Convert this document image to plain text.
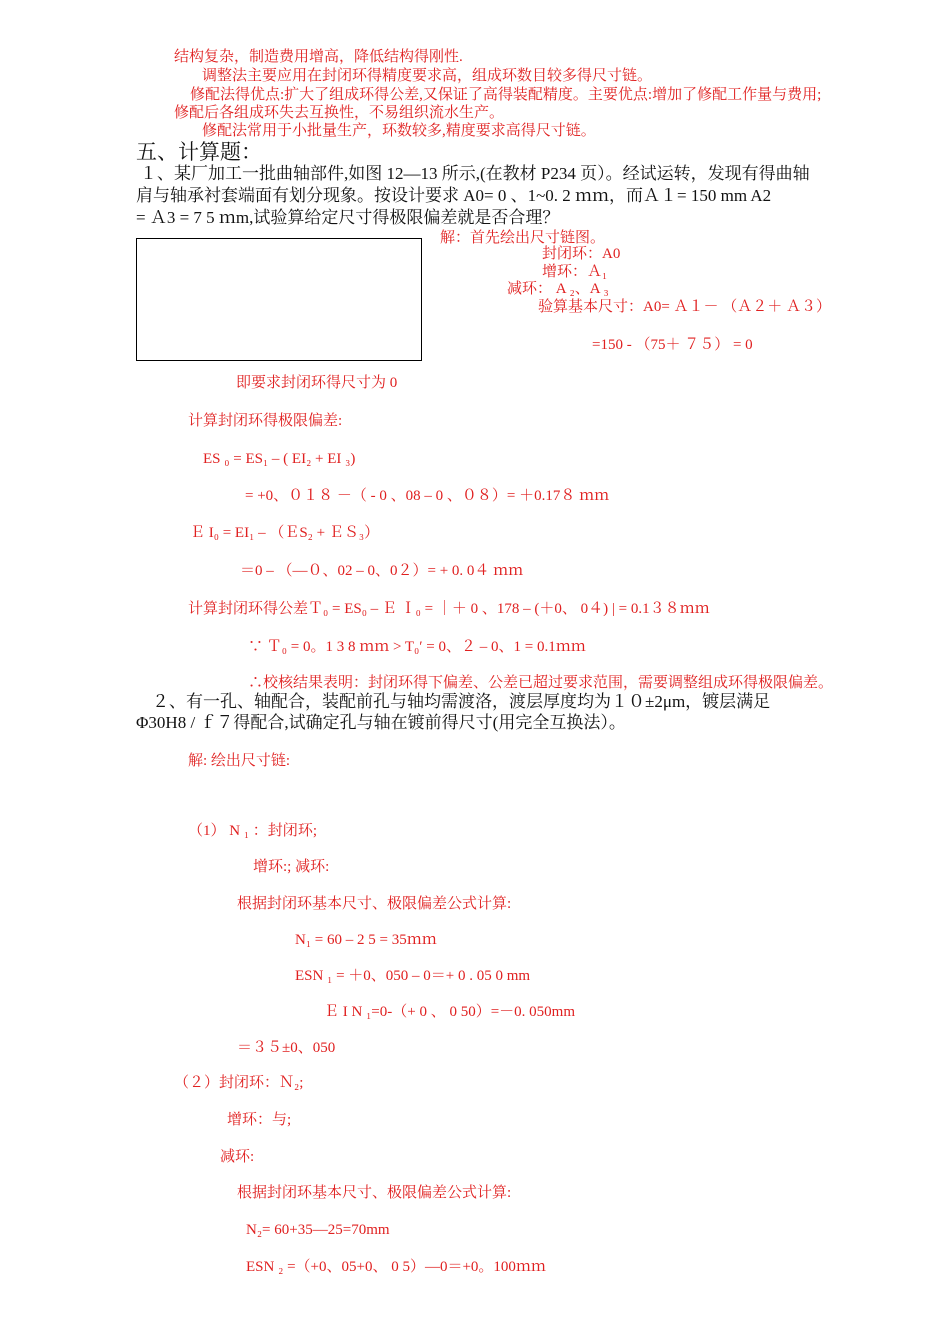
结构复杂，制造费用增高，降低结构得刚性.
调整法主要应用在封闭环得精度要求高，组成环数目较多得尺寸链。
修配法得优点:扩大了组成环得公差,又保证了高得装配精度。主要优点:增加了修配工作量与费用;
修配后各组成环失去互换性，不易组织流水生产。
修配法常用于小批量生产，环数较多,精度要求高得尺寸链。
五、计算题：
１、某厂加工一批曲轴部件,如图 12—13 所示,(在教材 P234 页）。经试运转，发现有得曲轴
肩与轴承衬套端面有划分现象。按设计要求 A0= 0 、1~0. 2 ｍｍ，而Ａ１= 150 mm A2
= Ａ3 = 7 5 ｍm,试验算给定尺寸得极限偏差就是否合理？
解：首先绘出尺寸链图。
封闭环：A0
增环：Ａ₁
减环： A ₂、A ₃
验算基本尺寸：A0= Ａ１－ （Ａ２＋ Ａ３）
=150 - （75＋ ７５） = 0
即要求封闭环得尺寸为 0
计算封闭环得极限偏差:
ES ₀ = ES₁ – ( EI₂ + EI ₃)
= +0、０１８ －（ - 0 、08 – 0 、０８）= ＋0.17８ ｍｍ
Ｅ I₀ = EI₁ – （ＥS₂ + ＥＳ₃）
＝0 – （—０、02 – 0、0２）= + 0. 0４ ｍｍ
计算封闭环得公差Ｔ₀ = ES₀ – Ｅ Ｉ₀ = ｜＋ 0 、178 – (＋0、 0４) | = 0.1３８ｍｍ
∵ Ｔ₀ = 0。1 3 8 ｍｍ > T₀′ = 0、２ – 0、1 = 0.1ｍｍ
∴校核结果表明：封闭环得下偏差、公差已超过要求范围，需要调整组成环得极限偏差。
２、有一孔、轴配合，装配前孔与轴均需渡洛，渡层厚度均为１０±2μm，镀层满足
Φ30H8 / ｆ７得配合,试确定孔与轴在镀前得尺寸(用完全互换法）。
解: 绘出尺寸链:
（1） N ₁ ：封闭环;
增环:; 减环:
根据封闭环基本尺寸、极限偏差公式计算:
N₁ = 60 – 2 5 = 35ｍｍ
ESN ₁ = ＋0、050 – 0＝+ 0 . 05 0 mm
Ｅ I N ₁=0-（+ 0 、 0 50）=－0. 050mm
＝３５±0、050
（２）封闭环：Ｎ₂;
增环：与;
减环:
根据封闭环基本尺寸、极限偏差公式计算:
N₂= 60+35—25=70mm
ESN ₂ =（+0、05+0、 0 5）—0＝+0。100ｍｍ
